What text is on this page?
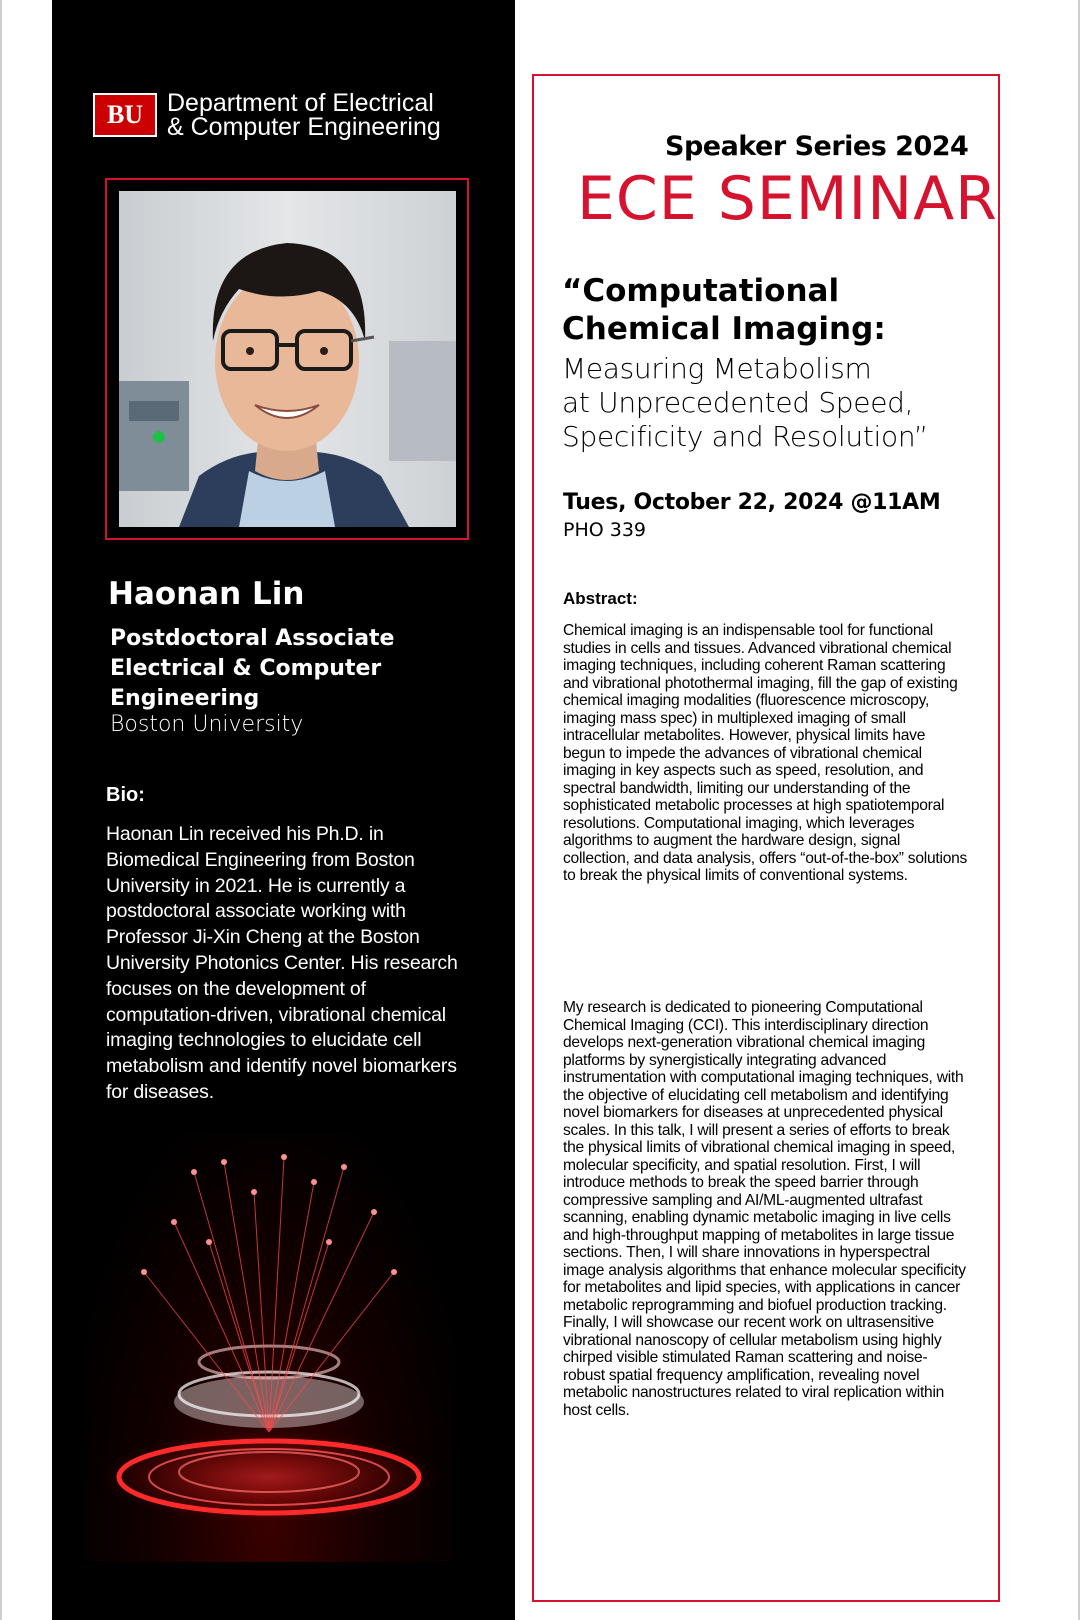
BU Department of Electrical
& Computer Engineering
Haonan Lin
Postdoctoral Associate
Electrical & Computer
Engineering
Boston University
Bio:
Haonan Lin received his Ph.D. in Biomedical Engineering from Boston University in 2021. He is currently a postdoctoral associate working with Professor Ji-Xin Cheng at the Boston University Photonics Center. His research focuses on the development of computation-driven, vibrational chemical imaging technologies to elucidate cell metabolism and identify novel biomarkers for diseases.
Speaker Series 2024
ECE SEMINAR
“Computational
Chemical Imaging:
Measuring Metabolism
at Unprecedented Speed,
Specificity and Resolution”
Tues, October 22, 2024 @11AM
PHO 339
Abstract:
Chemical imaging is an indispensable tool for functional studies in cells and tissues. Advanced vibrational chemical imaging techniques, including coherent Raman scattering and vibrational photothermal imaging, fill the gap of existing chemical imaging modalities (fluorescence microscopy, imaging mass spec) in multiplexed imaging of small intracellular metabolites. However, physical limits have begun to impede the advances of vibrational chemical imaging in key aspects such as speed, resolution, and spectral bandwidth, limiting our understanding of the sophisticated metabolic processes at high spatiotemporal resolutions. Computational imaging, which leverages algorithms to augment the hardware design, signal collection, and data analysis, offers “out-of-the-box” solutions to break the physical limits of conventional systems.
My research is dedicated to pioneering Computational Chemical Imaging (CCI). This interdisciplinary direction develops next-generation vibrational chemical imaging platforms by synergistically integrating advanced instrumentation with computational imaging techniques, with the objective of elucidating cell metabolism and identifying novel biomarkers for diseases at unprecedented physical scales. In this talk, I will present a series of efforts to break the physical limits of vibrational chemical imaging in speed, molecular specificity, and spatial resolution. First, I will introduce methods to break the speed barrier through compressive sampling and AI/ML-augmented ultrafast scanning, enabling dynamic metabolic imaging in live cells and high-throughput mapping of metabolites in large tissue sections. Then, I will share innovations in hyperspectral image analysis algorithms that enhance molecular specificity for metabolites and lipid species, with applications in cancer metabolic reprogramming and biofuel production tracking. Finally, I will showcase our recent work on ultrasensitive vibrational nanoscopy of cellular metabolism using highly chirped visible stimulated Raman scattering and noise-robust spatial frequency amplification, revealing novel metabolic nanostructures related to viral replication within host cells.
